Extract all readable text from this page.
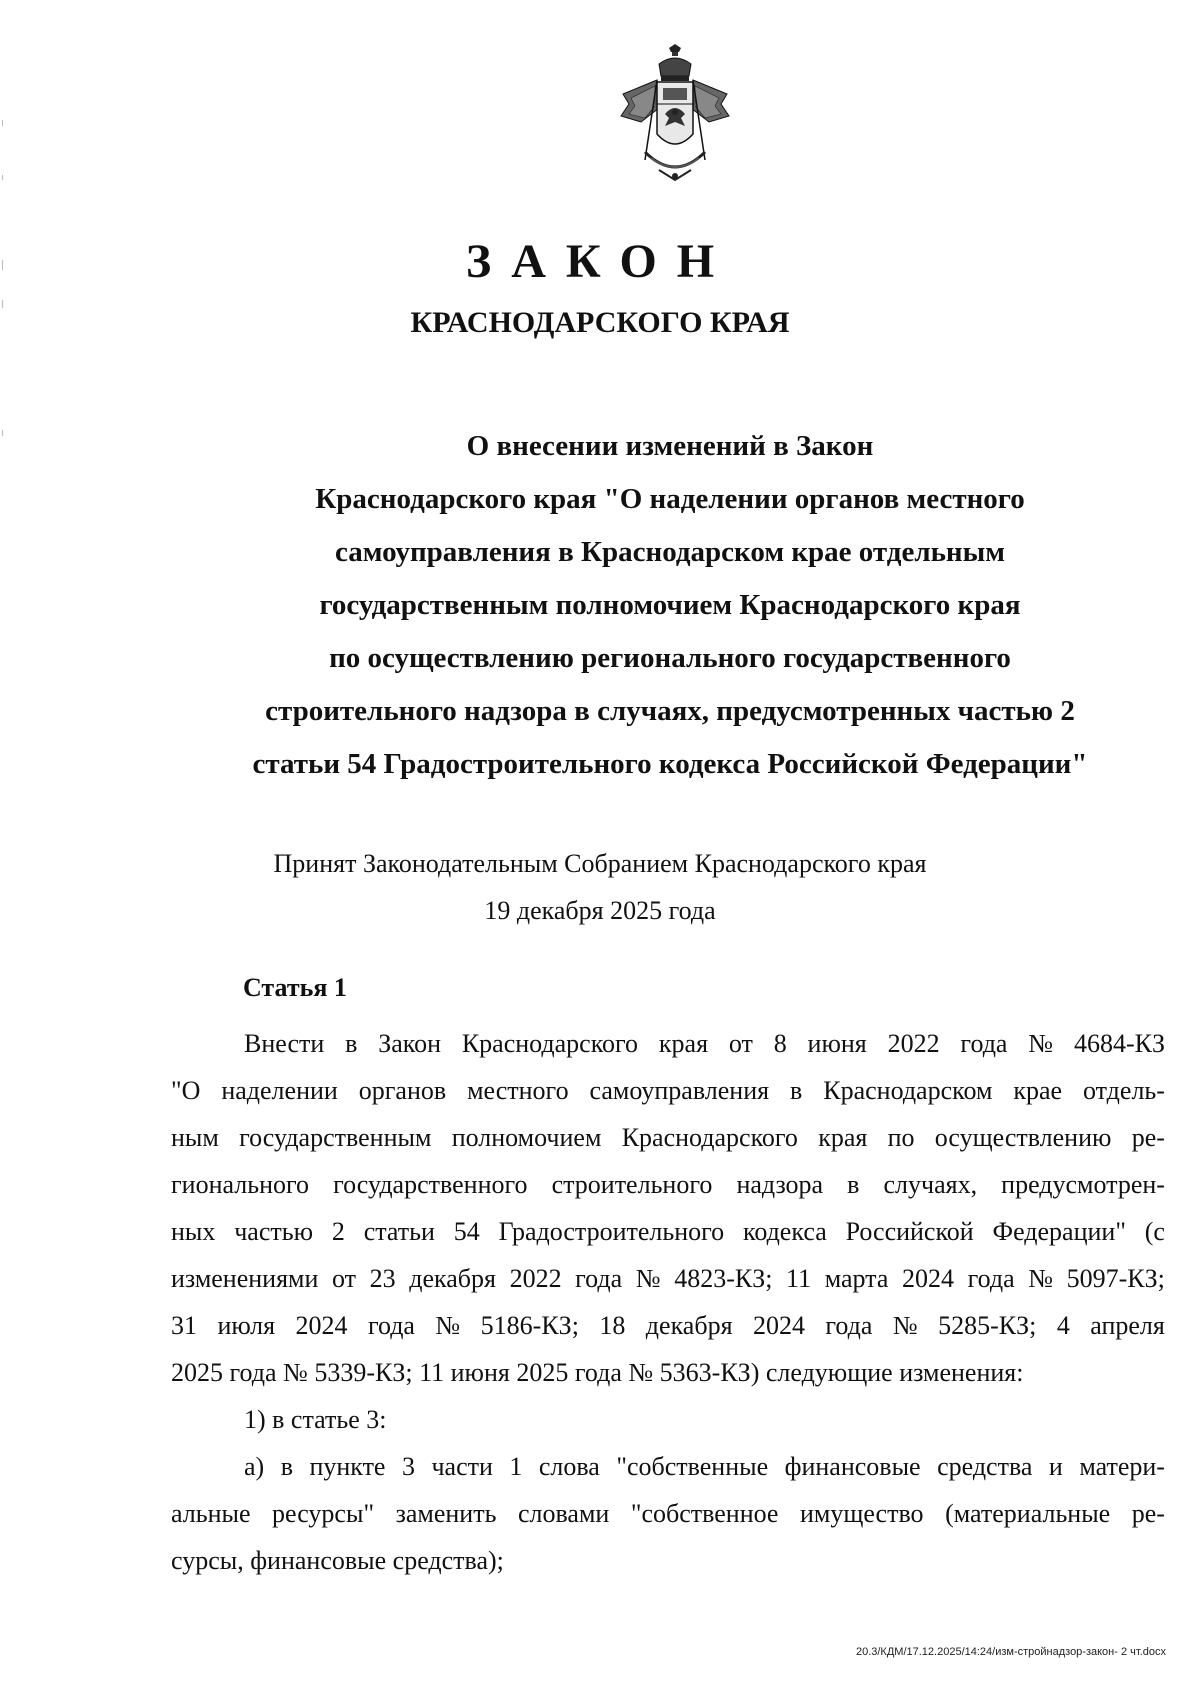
ЗАКОН
КРАСНОДАРСКОГО КРАЯ
О внесении изменений в Закон
Краснодарского края "О наделении органов местного
самоуправления в Краснодарском крае отдельным
государственным полномочием Краснодарского края
по осуществлению регионального государственного
строительного надзора в случаях, предусмотренных частью 2
статьи 54 Градостроительного кодекса Российской Федерации"
Принят Законодательным Собранием Краснодарского края
19 декабря 2025 года
Статья 1
Внести в Закон Краснодарского края от 8 июня 2022 года № 4684-КЗ
"О наделении органов местного самоуправления в Краснодарском крае отдель-
ным государственным полномочием Краснодарского края по осуществлению ре-
гионального государственного строительного надзора в случаях, предусмотрен-
ных частью 2 статьи 54 Градостроительного кодекса Российской Федерации" (с
изменениями от 23 декабря 2022 года № 4823-КЗ; 11 марта 2024 года № 5097-КЗ;
31 июля 2024 года № 5186-КЗ; 18 декабря 2024 года № 5285-КЗ; 4 апреля
2025 года № 5339-КЗ; 11 июня 2025 года № 5363-КЗ) следующие изменения:
1) в статье 3:
а) в пункте 3 части 1 слова "собственные финансовые средства и матери-
альные ресурсы" заменить словами "собственное имущество (материальные ре-
сурсы, финансовые средства);
20.3/КДМ/17.12.2025/14:24/изм-стройнадзор-закон- 2 чт.docx
